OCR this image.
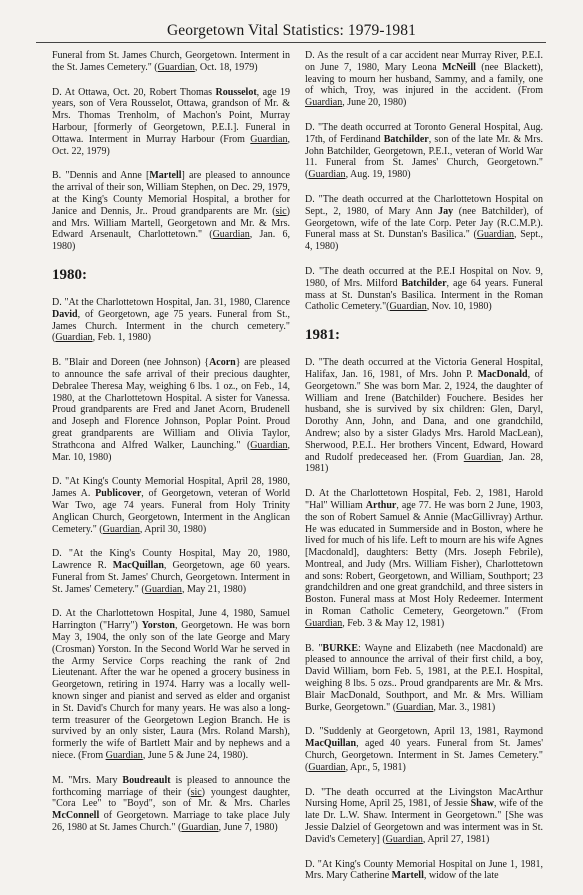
Georgetown Vital Statistics: 1979-1981

Funeral from St. James Church, Georgetown. Interment in the St. James Cemetery." (Guardian, Oct. 18, 1979)

D. At Ottawa, Oct. 20, Robert Thomas Rousselot, age 19 years, son of Vera Rousselot, Ottawa, grandson of Mr. & Mrs. Thomas Trenholm, of Machon's Point, Murray Harbour, [formerly of Georgetown, P.E.I.]. Funeral in Ottawa. Interment in Murray Harbour (From Guardian, Oct. 22, 1979)

B. "Dennis and Anne [Martell] are pleased to announce the arrival of their son, William Stephen, on Dec. 29, 1979, at the King's County Memorial Hospital, a brother for Janice and Dennis, Jr.. Proud grandparents are Mr. (sic) and Mrs. William Martell, Georgetown and Mr. & Mrs. Edward Arsenault, Charlottetown." (Guardian, Jan. 6, 1980)

1980:

D. "At the Charlottetown Hospital, Jan. 31, 1980, Clarence David, of Georgetown, age 75 years. Funeral from St., James Church. Interment in the church cemetery." (Guardian, Feb. 1, 1980)

B. "Blair and Doreen (nee Johnson) {Acorn} are pleased to announce the safe arrival of their precious daughter, Debralee Theresa May, weighing 6 lbs. 1 oz., on Feb., 14, 1980, at the Charlottetown Hospital. A sister for Vanessa. Proud grandparents are Fred and Janet Acorn, Brudenell and Joseph and Florence Johnson, Poplar Point. Proud great grandparents are William and Olivia Taylor, Strathcona and Alfred Walker, Launching." (Guardian, Mar. 10, 1980)

D. "At King's County Memorial Hospital, April 28, 1980, James A. Publicover, of Georgetown, veteran of World War Two, age 74 years. Funeral from Holy Trinity Anglican Church, Georgetown, Interment in the Anglican Cemetery." (Guardian, April 30, 1980)

D. "At the King's County Hospital, May 20, 1980, Lawrence R. MacQuillan, Georgetown, age 60 years. Funeral from St. James' Church, Georgetown. Interment in St. James' Cemetery." (Guardian, May 21, 1980)

D. At the Charlottetown Hospital, June 4, 1980, Samuel Harrington ("Harry") Yorston, Georgetown. He was born May 3, 1904, the only son of the late George and Mary (Crosman) Yorston. In the Second World War he served in the Army Service Corps reaching the rank of 2nd Lieutenant. After the war he opened a grocery business in Georgetown, retiring in 1974. Harry was a locally well-known singer and pianist and served as elder and organist in St. David's Church for many years. He was also a long-term treasurer of the Georgetown Legion Branch. He is survived by an only sister, Laura (Mrs. Roland Marsh), formerly the wife of Bartlett Mair and by nephews and a niece. (From Guardian, June 5 & June 24, 1980).

M. "Mrs. Mary Boudreault is pleased to announce the forthcoming marriage of their (sic) youngest daughter, "Cora Lee" to "Boyd", son of Mr. & Mrs. Charles McConnell of Georgetown. Marriage to take place July 26, 1980 at St. James Church." (Guardian, June 7, 1980)

D. As the result of a car accident near Murray River, P.E.I. on June 7, 1980, Mary Leona McNeill (nee Blackett), leaving to mourn her husband, Sammy, and a family, one of which, Troy, was injured in the accident. (From Guardian, June 20, 1980)

D. "The death occurred at Toronto General Hospital, Aug. 17th, of Ferdinand Batchilder, son of the late Mr. & Mrs. John Batchilder, Georgetown, P.E.I., veteran of World War 11. Funeral from St. James' Church, Georgetown." (Guardian, Aug. 19, 1980)

D. "The death occurred at the Charlottetown Hospital on Sept., 2, 1980, of Mary Ann Jay (nee Batchilder), of Georgetown, wife of the late Corp. Peter Jay (R.C.M.P.). Funeral mass at St. Dunstan's Basilica." (Guardian, Sept., 4, 1980)

D. "The death occurred at the P.E.I Hospital on Nov. 9, 1980, of Mrs. Milford Batchilder, age 64 years. Funeral mass at St. Dunstan's Basilica. Interment in the Roman Catholic Cemetery."(Guardian, Nov. 10, 1980)

1981:

D. "The death occurred at the Victoria General Hospital, Halifax, Jan. 16, 1981, of Mrs. John P. MacDonald, of Georgetown." She was born Mar. 2, 1924, the daughter of William and Irene (Batchilder) Fouchere. Besides her husband, she is survived by six children: Glen, Daryl, Dorothy Ann, John, and Dana, and one grandchild, Andrew; also by a sister Gladys Mrs. Harold MacLean), Sherwood, P.E.I.. Her brothers Vincent, Edward, Howard and Rudolf predeceased her. (From Guardian, Jan. 28, 1981)

D. At the Charlottetown Hospital, Feb. 2, 1981, Harold "Hal" William Arthur, age 77. He was born 2 June, 1903, the son of Robert Samuel & Annie (MacGillivray) Arthur. He was educated in Summerside and in Boston, where he lived for much of his life. Left to mourn are his wife Agnes [Macdonald], daughters: Betty (Mrs. Joseph Febrile), Montreal, and Judy (Mrs. William Fisher), Charlottetown and sons: Robert, Georgetown, and William, Southport; 23 grandchildren and one great grandchild, and three sisters in Boston. Funeral mass at Most Holy Redeemer. Interment in Roman Catholic Cemetery, Georgetown." (From Guardian, Feb. 3 & May 12, 1981)

B. "BURKE: Wayne and Elizabeth (nee Macdonald) are pleased to announce the arrival of their first child, a boy, David William, born Feb. 5, 1981, at the P.E.I. Hospital, weighing 8 lbs. 5 ozs.. Proud grandparents are Mr. & Mrs. Blair MacDonald, Southport, and Mr. & Mrs. William Burke, Georgetown." (Guardian, Mar. 3., 1981)

D. "Suddenly at Georgetown, April 13, 1981, Raymond MacQuillan, aged 40 years. Funeral from St. James' Church, Georgetown. Interment in St. James Cemetery." (Guardian, Apr., 5, 1981)

D. "The death occurred at the Livingston MacArthur Nursing Home, April 25, 1981, of Jessie Shaw, wife of the late Dr. L.W. Shaw. Interment in Georgetown." [She was Jessie Dalziel of Georgetown and was interment was in St. David's Cemetery] (Guardian, April 27, 1981)

D. "At King's County Memorial Hospital on June 1, 1981, Mrs. Mary Catherine Martell, widow of the late
